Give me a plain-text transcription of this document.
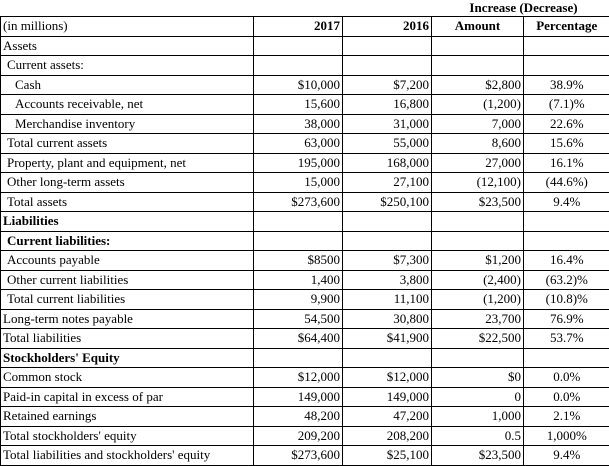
Increase (Decrease)
(in millions)	2017	2016	Amount	Percentage
Assets				
Current assets:				
Cash	$10,000	$7,200	$2,800	38.9%
Accounts receivable, net	15,600	16,800	(1,200)	(7.1)%
Merchandise inventory	38,000	31,000	7,000	22.6%
Total current assets	63,000	55,000	8,600	15.6%
Property, plant and equipment, net	195,000	168,000	27,000	16.1%
Other long-term assets	15,000	27,100	(12,100)	(44.6%)
Total assets	$273,600	$250,100	$23,500	9.4%
Liabilities				
Current liabilities:				
Accounts payable	$8500	$7,300	$1,200	16.4%
Other current liabilities	1,400	3,800	(2,400)	(63.2)%
Total current liabilities	9,900	11,100	(1,200)	(10.8)%
Long-term notes payable	54,500	30,800	23,700	76.9%
Total liabilities	$64,400	$41,900	$22,500	53.7%
Stockholders' Equity				
Common stock	$12,000	$12,000	$0	0.0%
Paid-in capital in excess of par	149,000	149,000	0	0.0%
Retained earnings	48,200	47,200	1,000	2.1%
Total stockholders' equity	209,200	208,200	0.5	1,000%
Total liabilities and stockholders' equity	$273,600	$25,100	$23,500	9.4%
